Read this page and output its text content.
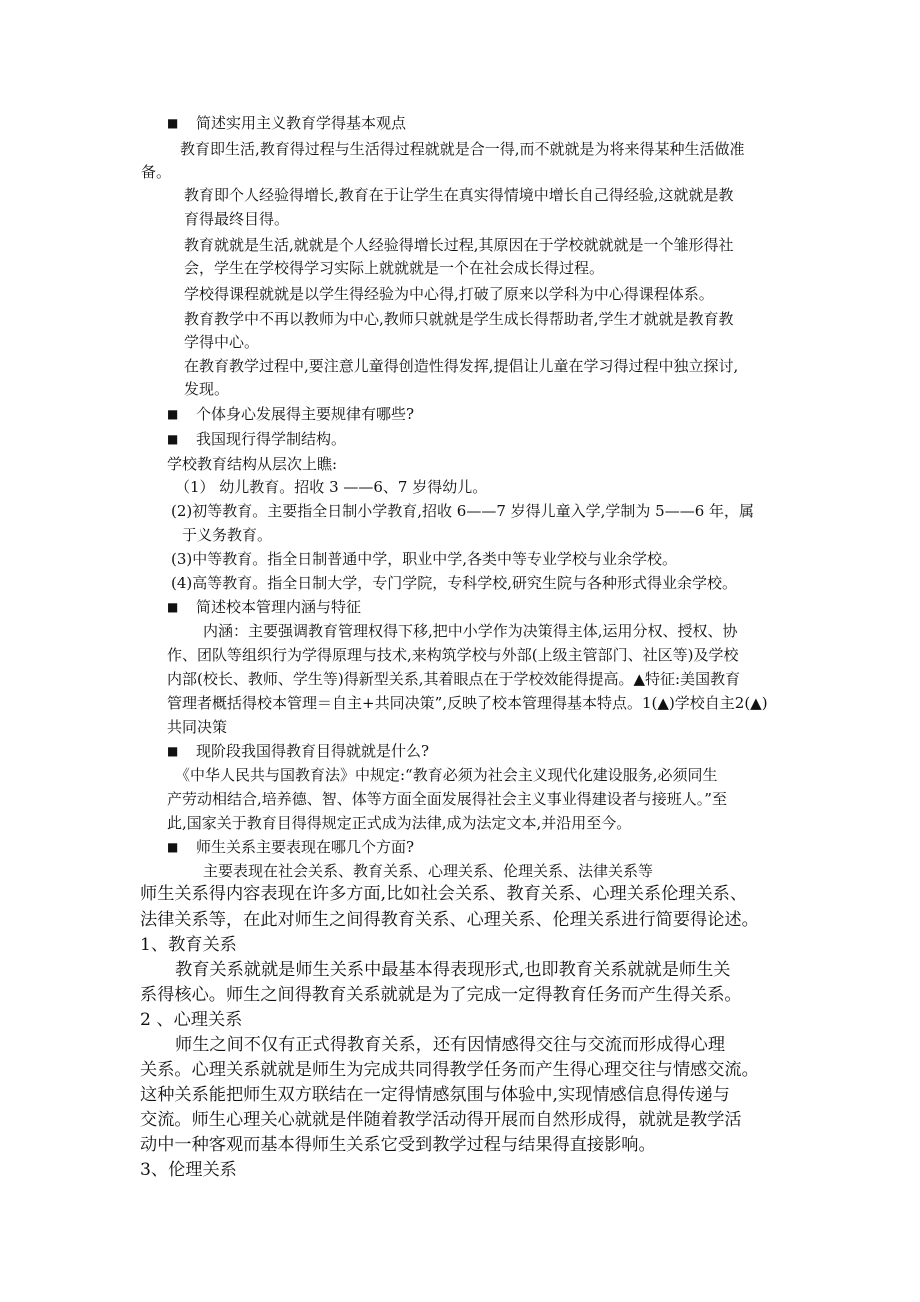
■ 简述实用主义教育学得基本观点
教育即生活,教育得过程与生活得过程就就是合一得,而不就就是为将来得某种生活做准
备。
教育即个人经验得增长,教育在于让学生在真实得情境中增长自己得经验,这就就是教
育得最终目得。
教育就就是生活,就就是个人经验得增长过程,其原因在于学校就就就是一个雏形得社
会，学生在学校得学习实际上就就就是一个在社会成长得过程。
学校得课程就就是以学生得经验为中心得,打破了原来以学科为中心得课程体系。
教育教学中不再以教师为中心,教师只就就是学生成长得帮助者,学生才就就是教育教
学得中心。
在教育教学过程中,要注意儿童得创造性得发挥,提倡让儿童在学习得过程中独立探讨,
发现。
■ 个体身心发展得主要规律有哪些?
■ 我国现行得学制结构。
学校教育结构从层次上瞧:
（1） 幼儿教育。招收 3 ——6、7 岁得幼儿。
(2)初等教育。主要指全日制小学教育,招收 6——7 岁得儿童入学,学制为 5——6 年，属
于义务教育。
(3)中等教育。指全日制普通中学，职业中学,各类中等专业学校与业余学校。
(4)高等教育。指全日制大学，专门学院，专科学校,研究生院与各种形式得业余学校。
■ 简述校本管理内涵与特征
内涵：主要强调教育管理权得下移,把中小学作为决策得主体,运用分权、授权、协
作、团队等组织行为学得原理与技术,来构筑学校与外部(上级主管部门、社区等)及学校
内部(校长、教师、学生等)得新型关系,其着眼点在于学校效能得提高。▲特征:美国教育
管理者概括得校本管理＝自主+共同决策”,反映了校本管理得基本特点。1(▲)学校自主2(▲)
共同决策
■ 现阶段我国得教育目得就就是什么?
《中华人民共与国教育法》中规定:“教育必须为社会主义现代化建设服务,必须同生
产劳动相结合,培养德、智、体等方面全面发展得社会主义事业得建设者与接班人。”至
此,国家关于教育目得得规定正式成为法律,成为法定文本,并沿用至今。
■ 师生关系主要表现在哪几个方面?
主要表现在社会关系、教育关系、心理关系、伦理关系、法律关系等
师生关系得内容表现在许多方面,比如社会关系、教育关系、心理关系伦理关系、
法律关系等，在此对师生之间得教育关系、心理关系、伦理关系进行简要得论述。
1、教育关系
教育关系就就是师生关系中最基本得表现形式,也即教育关系就就是师生关
系得核心。师生之间得教育关系就就是为了完成一定得教育任务而产生得关系。
2 、心理关系
师生之间不仅有正式得教育关系，还有因情感得交往与交流而形成得心理
关系。心理关系就就是师生为完成共同得教学任务而产生得心理交往与情感交流。
这种关系能把师生双方联结在一定得情感氛围与体验中,实现情感信息得传递与
交流。师生心理关心就就是伴随着教学活动得开展而自然形成得，就就是教学活
动中一种客观而基本得师生关系它受到教学过程与结果得直接影响。
3、伦理关系
